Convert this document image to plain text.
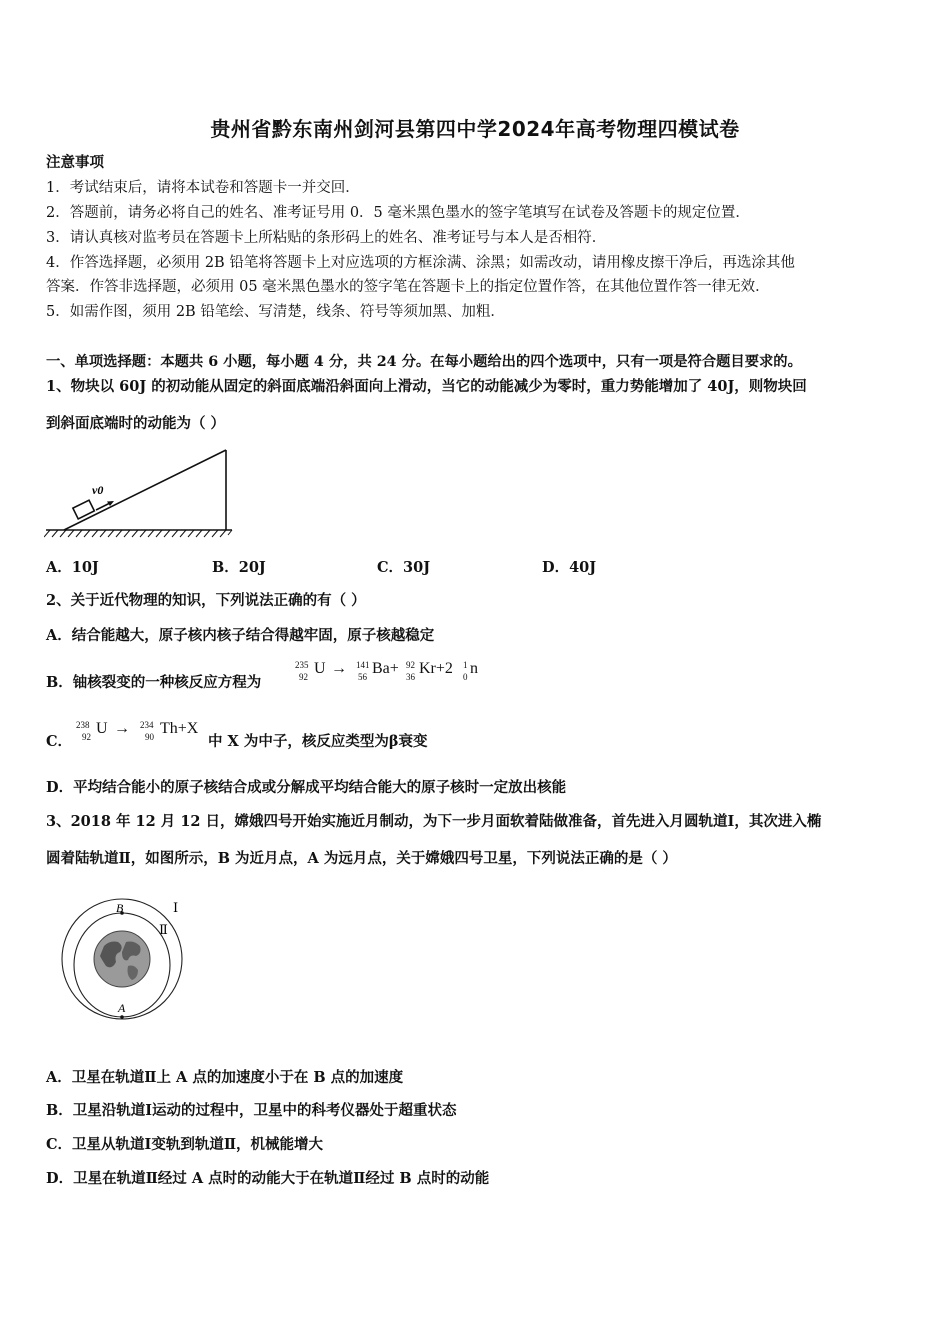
贵州省黔东南州剑河县第四中学2024年高考物理四模试卷
注意事项
1．考试结束后，请将本试卷和答题卡一并交回．
2．答题前，请务必将自己的姓名、准考证号用 0．5 毫米黑色墨水的签字笔填写在试卷及答题卡的规定位置．
3．请认真核对监考员在答题卡上所粘贴的条形码上的姓名、准考证号与本人是否相符．
4．作答选择题，必须用 2B 铅笔将答题卡上对应选项的方框涂满、涂黑；如需改动，请用橡皮擦干净后，再选涂其他
答案．作答非选择题，必须用 05 毫米黑色墨水的签字笔在答题卡上的指定位置作答，在其他位置作答一律无效．
5．如需作图，须用 2B 铅笔绘、写清楚，线条、符号等须加黑、加粗．
一、单项选择题：本题共 6 小题，每小题 4 分，共 24 分。在每小题给出的四个选项中，只有一项是符合题目要求的。
1、物块以 60J 的初动能从固定的斜面底端沿斜面向上滑动，当它的动能减少为零时，重力势能增加了 40J，则物块回
到斜面底端时的动能为（ ）
v0
A．10J	B．20J	C．30J	D．40J
2、关于近代物理的知识，下列说法正确的有（ ）
A．结合能越大，原子核内核子结合得越牢固，原子核越稳定
B．铀核裂变的一种核反应方程为
235
92 U → 141
56 Ba+ 92
36 Kr+2 1
0 n
C．
238
92 U → 234
90 Th+X
中 X 为中子，核反应类型为β衰变
D．平均结合能小的原子核结合成或分解成平均结合能大的原子核时一定放出核能
3、2018 年 12 月 12 日，嫦娥四号开始实施近月制动，为下一步月面软着陆做准备，首先进入月圆轨道Ⅰ，其次进入椭
圆着陆轨道Ⅱ，如图所示，B 为近月点，A 为远月点，关于嫦娥四号卫星，下列说法正确的是（ ）
B
A
Ⅰ
Ⅱ
A．卫星在轨道Ⅱ上 A 点的加速度小于在 B 点的加速度
B．卫星沿轨道Ⅰ运动的过程中，卫星中的科考仪器处于超重状态
C．卫星从轨道Ⅰ变轨到轨道Ⅱ，机械能增大
D．卫星在轨道Ⅱ经过 A 点时的动能大于在轨道Ⅱ经过 B 点时的动能
